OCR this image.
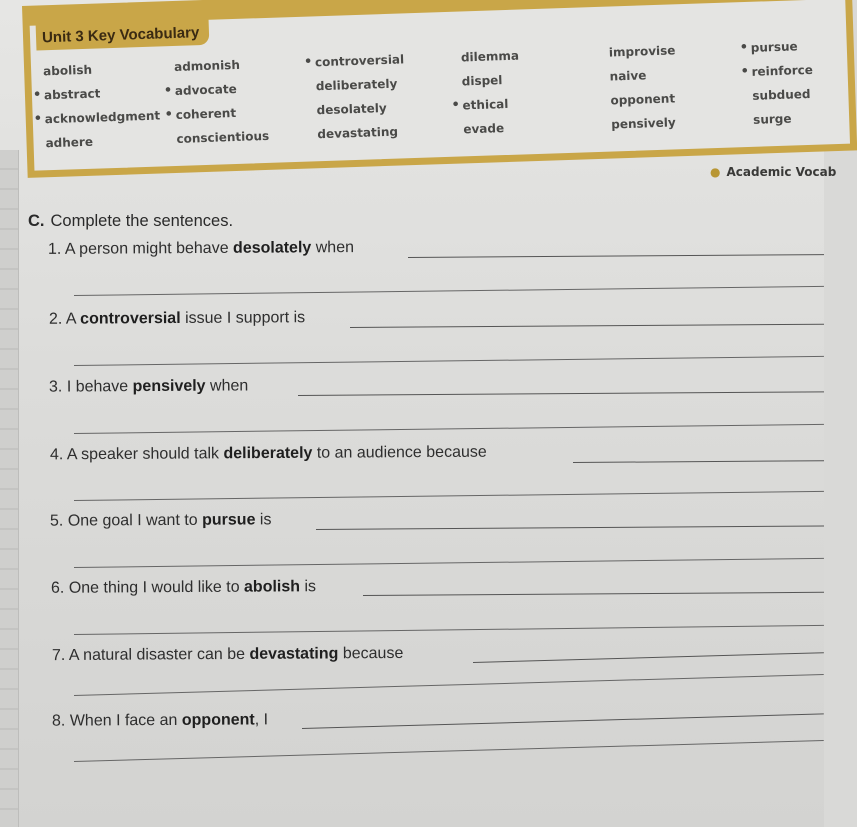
Unit 3 Key Vocabulary
abolish
• abstract
• acknowledgment
adhere
admonish
• advocate
• coherent
conscientious
• controversial
deliberately
desolately
devastating
dilemma
dispel
• ethical
evade
improvise
naive
opponent
pensively
• pursue
• reinforce
subdued
surge
● Academic Vocab
C. Complete the sentences.
1. A person might behave desolately when
2. A controversial issue I support is
3. I behave pensively when
4. A speaker should talk deliberately to an audience because
5. One goal I want to pursue is
6. One thing I would like to abolish is
7. A natural disaster can be devastating because
8. When I face an opponent, I
